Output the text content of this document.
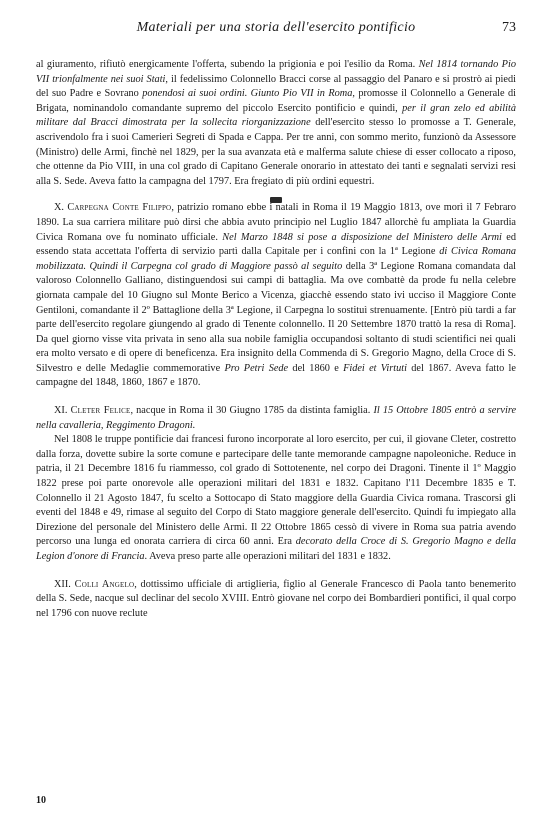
Materiali per una storia dell'esercito pontificio	73

al giuramento, rifiutò energicamente l'offerta, subendo la prigionia e poi l'esilio da Roma. Nel 1814 tornando Pio VII trionfalmente nei suoi Stati, il fedelissimo Colonnello Bracci corse al passaggio del Panaro e si prostrò ai piedi del suo Padre e Sovrano ponendosi ai suoi ordini. Giunto Pio VII in Roma, promosse il Colonnello a Generale di Brigata, nominandolo comandante supremo del piccolo Esercito pontificio e quindi, per il gran zelo ed abilità militare dal Bracci dimostrata per la sollecita riorganizzazione dell'esercito stesso lo promosse a T. Generale, ascrivendolo fra i suoi Camerieri Segreti di Spada e Cappa. Per tre anni, con sommo merito, funzionò da Assessore (Ministro) delle Armi, finchè nel 1829, per la sua avanzata età e malferma salute chiese di esser collocato a riposo, che ottenne da Pio VIII, in una col grado di Capitano Generale onorario in attestato dei tanti e segnalati servizi resi alla S. Sede. Aveva fatto la campagna del 1797. Era fregiato di più ordini equestri.

X. Carpegna Conte Filippo, patrizio romano ebbe i natali in Roma il 19 Maggio 1813, ove morì il 7 Febraro 1890. La sua carriera militare può dirsi che abbia avuto principio nel Luglio 1847 allorchè fu ampliata la Guardia Civica Romana ove fu nominato ufficiale. Nel Marzo 1848 si pose a disposizione del Ministero delle Armi ed essendo stata accettata l'offerta di servizio partì dalla Capitale per i confini con la 1ª Legione di Civica Romana mobilizzata. Quindi il Carpegna col grado di Maggiore passò al seguito della 3ª Legione Romana comandata dal valoroso Colonnello Galliano, distinguendosi sui campi di battaglia. Ma ove combattè da prode fu nella celebre giornata campale del 10 Giugno sul Monte Berico a Vicenza, giacchè essendo stato ivi ucciso il Maggiore Conte Gentiloni, comandante il 2º Battaglione della 3ª Legione, il Carpegna lo sostituì strenuamente. [Entrò più tardi a far parte dell'esercito regolare giungendo al grado di Tenente colonnello. Il 20 Settembre 1870 trattò la resa di Roma]. Da quel giorno visse vita privata in seno alla sua nobile famiglia occupandosi soltanto di studi scientifici nei quali era molto versato e di opere di beneficenza. Era insignito della Commenda di S. Gregorio Magno, della Croce di S. Silvestro e delle Medaglie commemorative Pro Petri Sede del 1860 e Fidei et Virtuti del 1867. Aveva fatto le campagne del 1848, 1860, 1867 e 1870.

XI. Cleter Felice, nacque in Roma il 30 Giugno 1785 da distinta famiglia. Il 15 Ottobre 1805 entrò a servire nella cavalleria, Reggimento Dragoni.

Nel 1808 le truppe pontificie dai francesi furono incorporate al loro esercito, per cui, il giovane Cleter, costretto dalla forza, dovette subire la sorte comune e partecipare delle tante memorande campagne napoleoniche. Reduce in patria, il 21 Decembre 1816 fu riammesso, col grado di Sottotenente, nel corpo dei Dragoni. Tinente il 1º Maggio 1822 prese poi parte onorevole alle operazioni militari del 1831 e 1832. Capitano l'11 Decembre 1835 e T. Colonnello il 21 Agosto 1847, fu scelto a Sottocapo di Stato maggiore della Guardia Civica romana. Trascorsi gli eventi del 1848 e 49, rimase al seguito del Corpo di Stato maggiore generale dell'esercito. Quindi fu impiegato alla Direzione del personale del Ministero delle Armi. Il 22 Ottobre 1865 cessò di vivere in Roma sua patria avendo percorso una lunga ed onorata carriera di circa 60 anni. Era decorato della Croce di S. Gregorio Magno e della Legion d'onore di Francia. Aveva preso parte alle operazioni militari del 1831 e 1832.

XII. Colli Angelo, dottissimo ufficiale di artiglieria, figlio al Generale Francesco di Paola tanto benemerito della S. Sede, nacque sul declinar del secolo XVIII. Entrò giovane nel corpo dei Bombardieri pontifici, il qual corpo nel 1796 con nuove reclute

10
